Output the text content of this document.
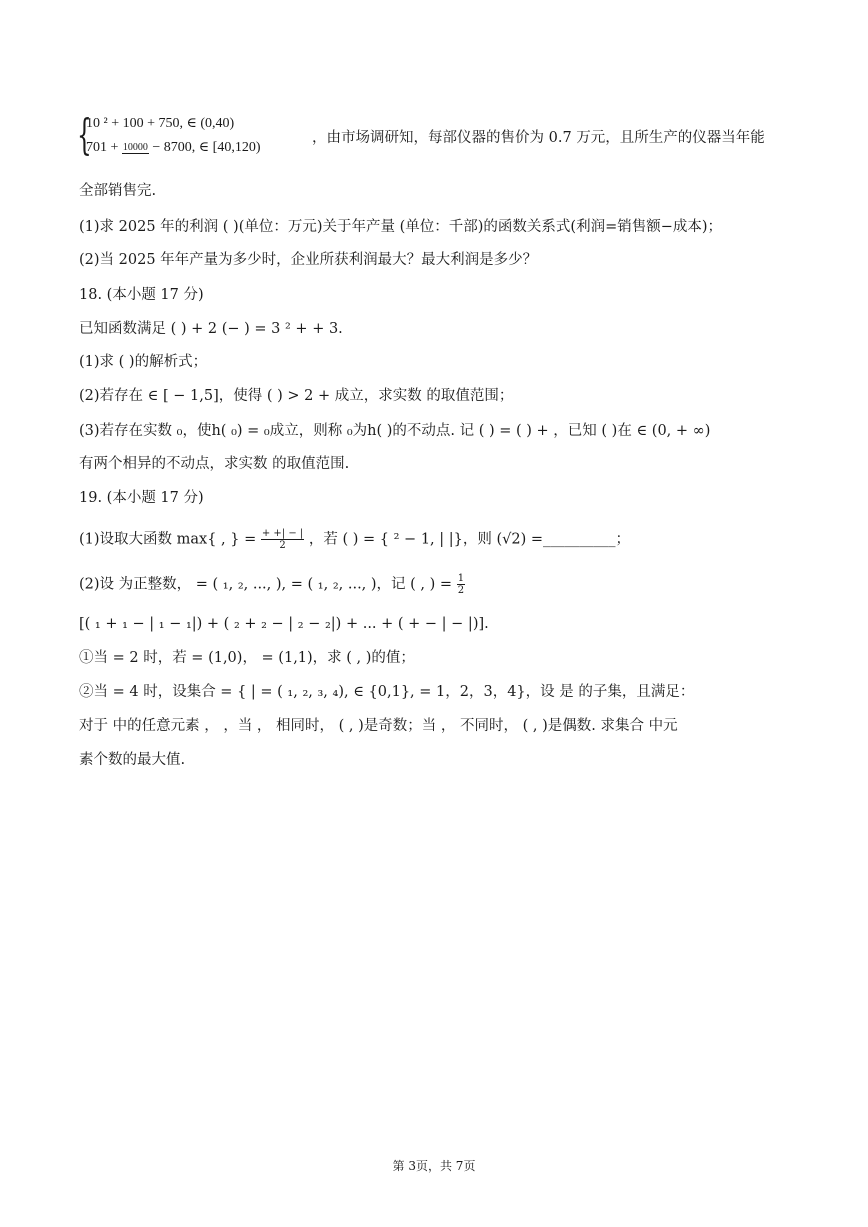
{
10 ² + 100 + 750, ∈ (0,40)
701 + 10000 − 8700, ∈ [40,120)
，由市场调研知，每部仪器的售价为 0.7 万元，且所生产的仪器当年能
全部销售完.
(1)求 2025 年的利润 ( )(单位：万元)关于年产量 (单位：千部)的函数关系式(利润=销售额−成本)；
(2)当 2025 年年产量为多少时，企业所获利润最大？最大利润是多少？
18. (本小题 17 分)
已知函数满足 ( ) + 2 (− ) = 3 ² + + 3.
(1)求 ( )的解析式；
(2)若存在 ∈ [ − 1,5]，使得 ( ) > 2 + 成立，求实数 的取值范围；
(3)若存在实数 ₀，使h( ₀) = ₀成立，则称 ₀为h( )的不动点. 记 ( ) = ( ) + ，已知 ( )在 ∈ (0, + ∞)
有两个相异的不动点，求实数 的取值范围.
19. (本小题 17 分)
(1)设取大函数 max{ , } = $\frac{+ +| - |}{2}$ ，若 ( ) = { ² − 1, | |}，则 (√2) =__________；
(2)设 为正整数， = ( ₁, ₂, ..., ), = ( ₁, ₂, ..., )，记 ( , ) = $\frac{1}{2}$
[( ₁ + ₁ − | ₁ − ₁|) + ( ₂ + ₂ − | ₂ − ₂|) + ... + ( + − | − |)].
①当 = 2 时，若 = (1,0)， = (1,1)，求 ( , )的值；
②当 = 4 时，设集合 = { | = ( ₁, ₂, ₃, ₄), ∈ {0,1}, = 1，2，3，4}，设 是 的子集，且满足：
对于 中的任意元素 ， ，当 ， 相同时， ( , )是奇数；当 ， 不同时， ( , )是偶数. 求集合 中元
素个数的最大值.
第 3页，共 7页
